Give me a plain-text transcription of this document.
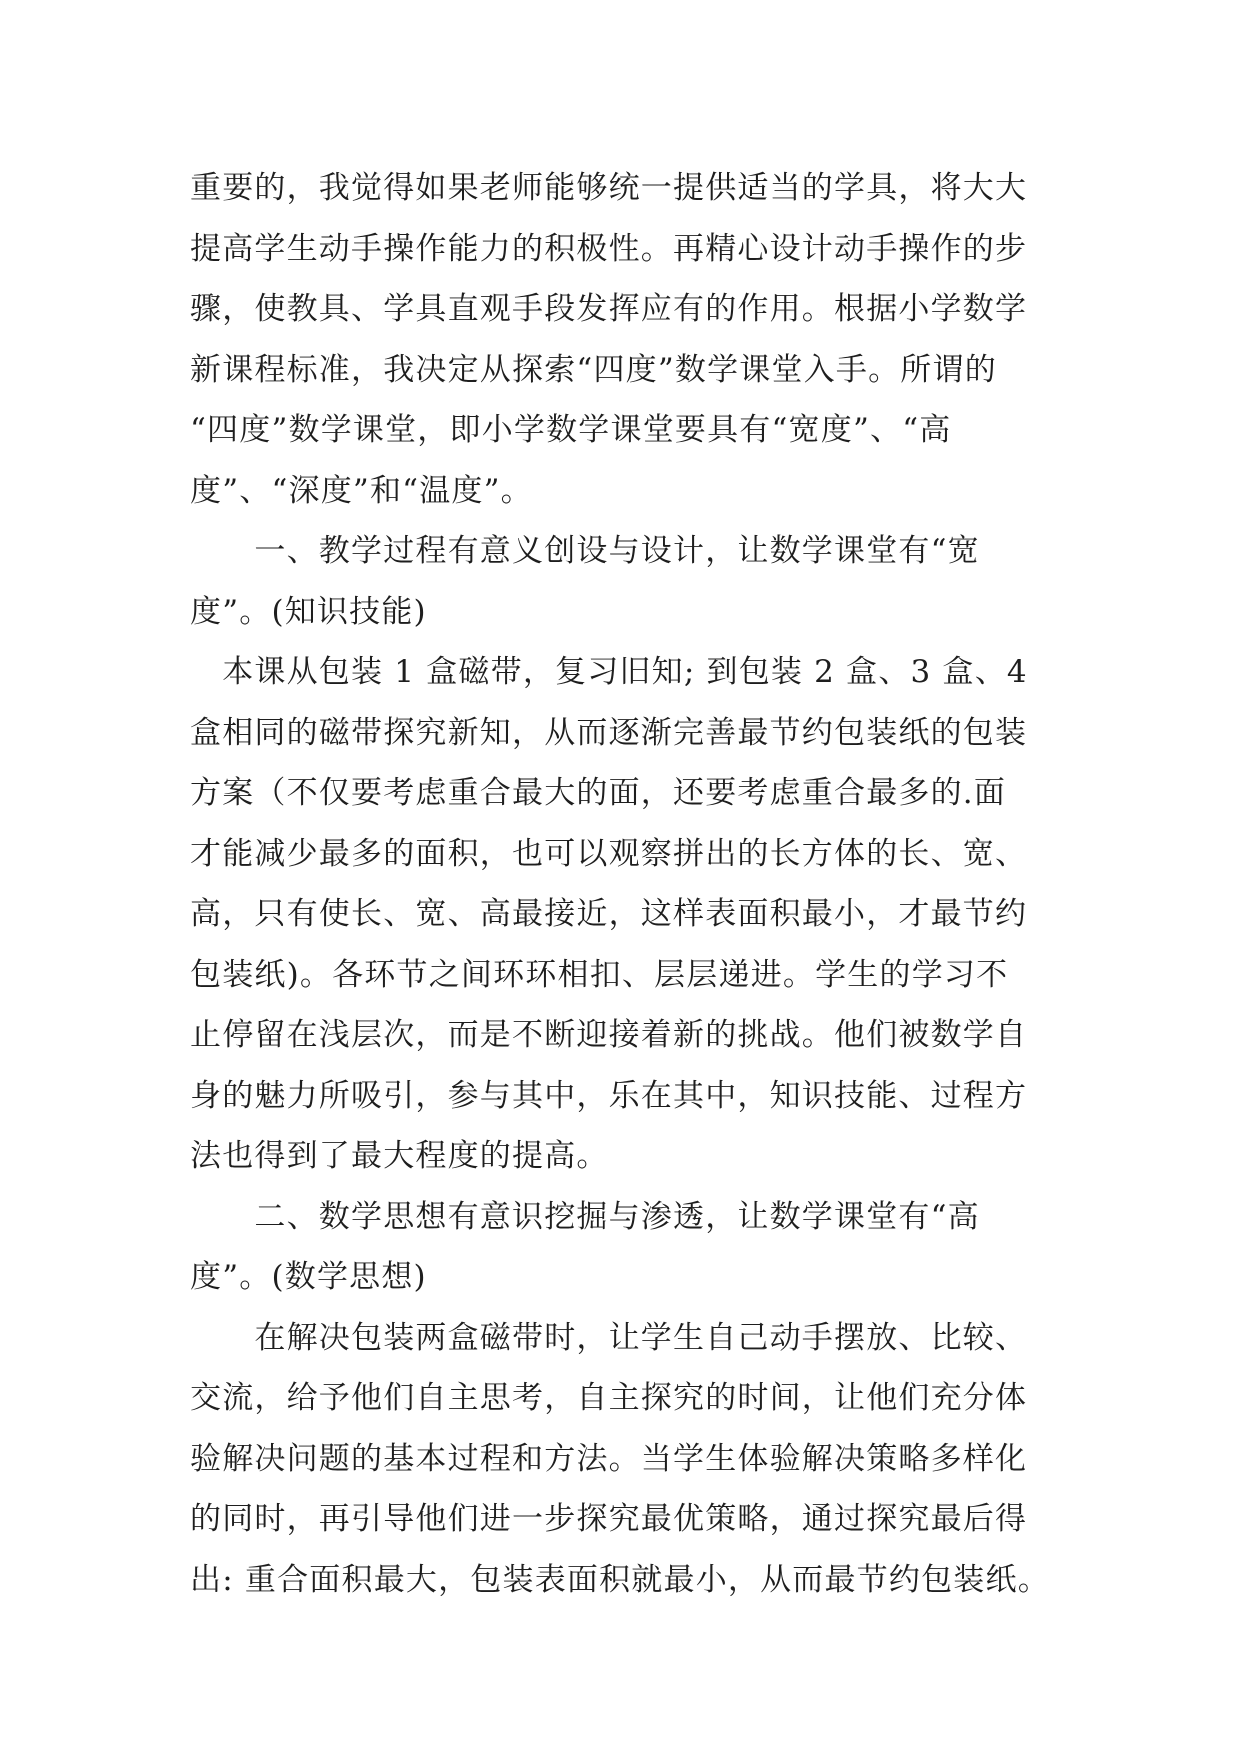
重要的，我觉得如果老师能够统一提供适当的学具，将大大
提高学生动手操作能力的积极性。再精心设计动手操作的步
骤，使教具、学具直观手段发挥应有的作用。根据小学数学
新课程标准，我决定从探索“四度”数学课堂入手。所谓的
“四度”数学课堂，即小学数学课堂要具有“宽度”、“高
度”、“深度”和“温度”。
　　一、教学过程有意义创设与设计，让数学课堂有“宽
度”。(知识技能)
　本课从包装 1 盒磁带，复习旧知; 到包装 2 盒、3 盒、4
盒相同的磁带探究新知，从而逐渐完善最节约包装纸的包装
方案（不仅要考虑重合最大的面，还要考虑重合最多的.面
才能减少最多的面积，也可以观察拼出的长方体的长、宽、
高，只有使长、宽、高最接近，这样表面积最小，才最节约
包装纸)。各环节之间环环相扣、层层递进。学生的学习不
止停留在浅层次，而是不断迎接着新的挑战。他们被数学自
身的魅力所吸引，参与其中，乐在其中，知识技能、过程方
法也得到了最大程度的提高。
　　二、数学思想有意识挖掘与渗透，让数学课堂有“高
度”。(数学思想)
　　在解决包装两盒磁带时，让学生自己动手摆放、比较、
交流，给予他们自主思考，自主探究的时间，让他们充分体
验解决问题的基本过程和方法。当学生体验解决策略多样化
的同时，再引导他们进一步探究最优策略，通过探究最后得
出: 重合面积最大，包装表面积就最小，从而最节约包装纸。
